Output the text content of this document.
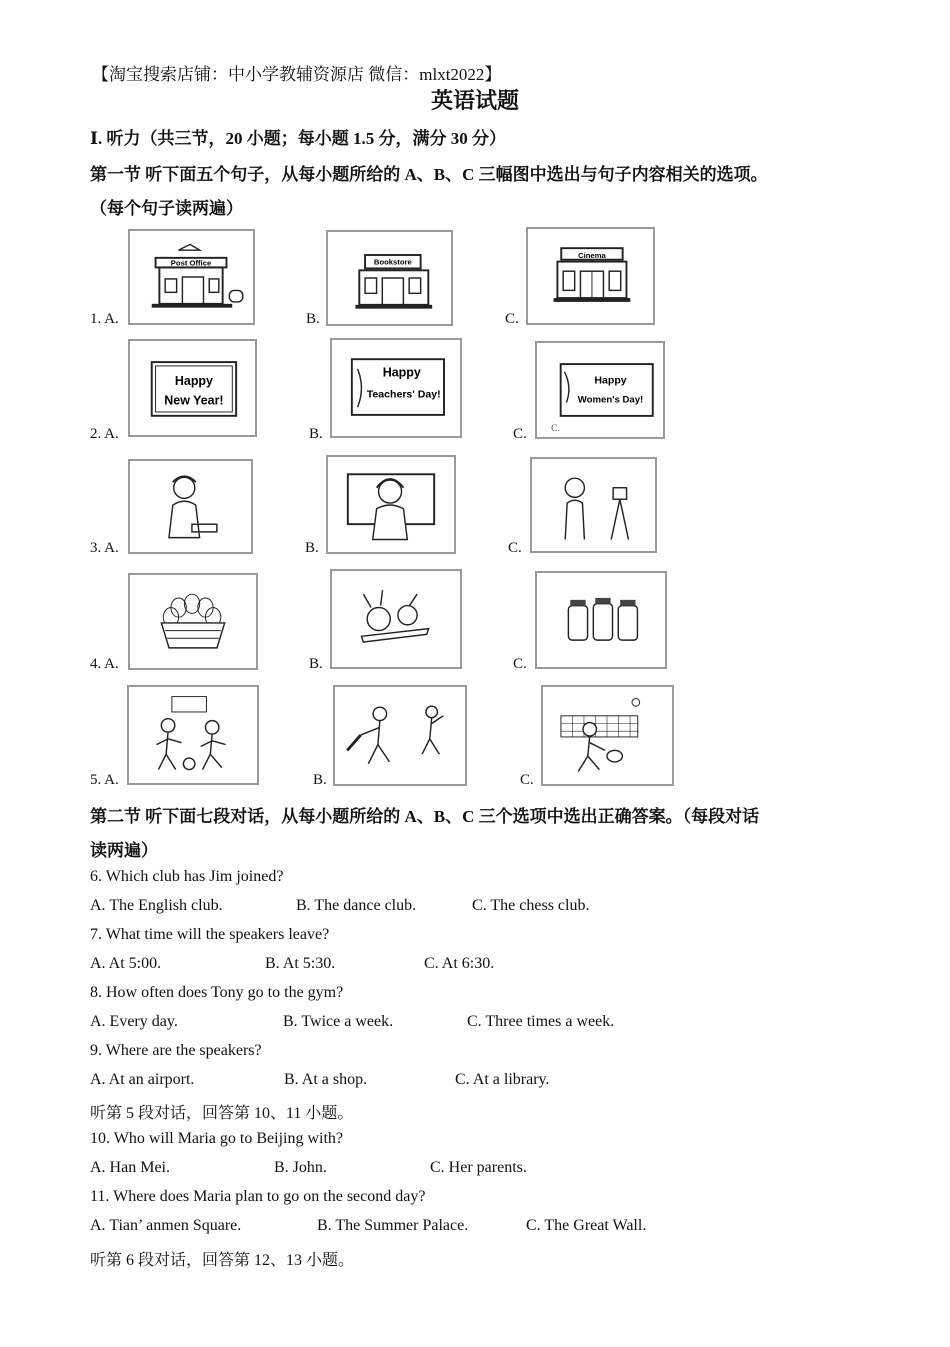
【淘宝搜索店铺：中小学教辅资源店 微信：mlxt2022】
英语试题
Ⅰ. 听力（共三节，20 小题；每小题 1.5 分，满分 30 分）
第一节 听下面五个句子，从每小题所给的 A、B、C 三幅图中选出与句子内容相关的选项。
（每个句子读两遍）
1. A.
Post Office
B.
Bookstore
C.
Cinema
2. A.
Happy
New Year!
B.
Happy
Teachers' Day!
C.
Happy
Women's Day!
C.
3. A.	B.	C.
4. A.	B.	C.
5. A.	B.	C.
第二节 听下面七段对话，从每小题所给的 A、B、C 三个选项中选出正确答案。（每段对话
读两遍）
6. Which club has Jim joined?
A. The English club.	B. The dance club.	C. The chess club.
7. What time will the speakers leave?
A. At 5:00.	B. At 5:30.	C. At 6:30.
8. How often does Tony go to the gym?
A. Every day.	B. Twice a week.	C. Three times a week.
9. Where are the speakers?
A. At an airport.	B. At a shop.	C. At a library.
听第 5 段对话，回答第 10、11 小题。
10. Who will Maria go to Beijing with?
A. Han Mei.	B. John.	C. Her parents.
11. Where does Maria plan to go on the second day?
A. Tian’ anmen Square.	B. The Summer Palace.	C. The Great Wall.
听第 6 段对话，回答第 12、13 小题。
